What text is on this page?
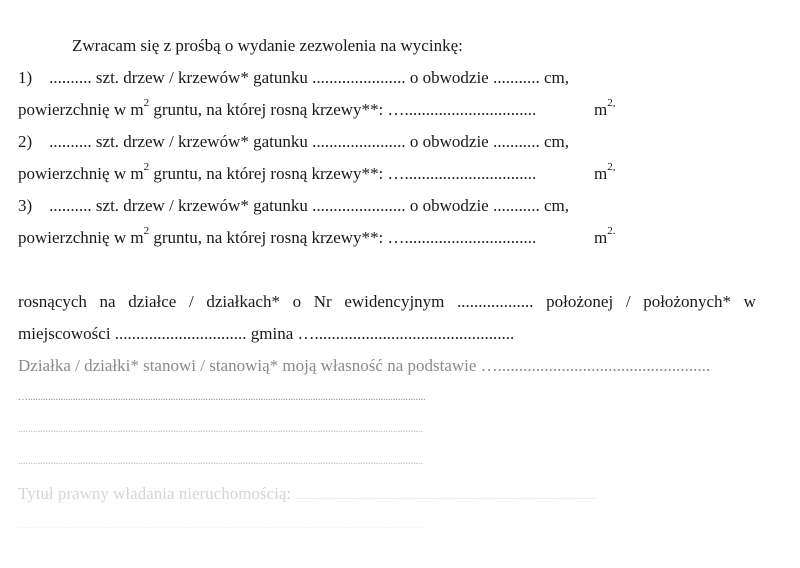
Zwracam się z prośbą o wydanie zezwolenia na wycinkę:
1) .......... szt. drzew / krzewów* gatunku ...................... o obwodzie ........... cm,
powierzchnię w $m^2$ gruntu, na której rosną krzewy**: …...............................	$m^{2,}$
2) .......... szt. drzew / krzewów* gatunku ...................... o obwodzie ........... cm,
powierzchnię w $m^2$ gruntu, na której rosną krzewy**: …...............................	$m^{2,}$
3) .......... szt. drzew / krzewów* gatunku ...................... o obwodzie ........... cm,
powierzchnię w $m^2$ gruntu, na której rosną krzewy**: …...............................	$m^{2.}$
rosnących na działce / działkach* o Nr ewidencyjnym .................. położonej / położonych* w
miejscowości ............................... gmina …...............................................
Działka / działki* stanowi / stanowią* moją własność na podstawie …..................................................
…...............................................................................................................................................................
..................................................................................................................................................................
..................................................................................................................................................................
Tytuł prawny władania nieruchomością: ........................................................................................................................
..................................................................................................................................................................
